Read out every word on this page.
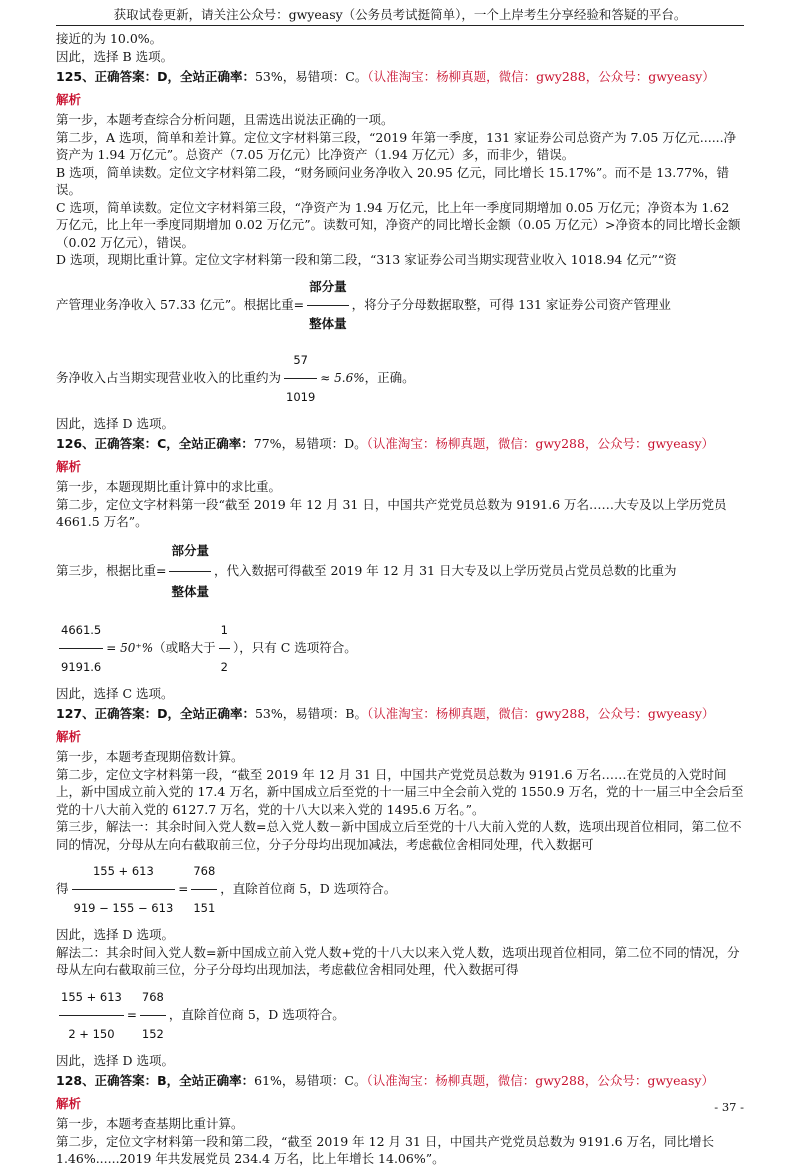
获取试卷更新，请关注公众号：gwyeasy（公务员考试挺简单），一个上岸考生分享经验和答疑的平台。

接近的为 10.0%。

因此，选择 B 选项。

125、正确答案：D，全站正确率：53%，易错项：C。（认准淘宝：杨柳真题，微信：gwy288，公众号：gwyeasy）

解析

第一步，本题考查综合分析问题，且需选出说法正确的一项。

第二步，A 选项，简单和差计算。定位文字材料第三段，“2019 年第一季度，131 家证券公司总资产为 7.05 万亿元......净资产为 1.94 万亿元”。总资产（7.05 万亿元）比净资产（1.94 万亿元）多，而非少，错误。

B 选项，简单读数。定位文字材料第二段，“财务顾问业务净收入 20.95 亿元，同比增长 15.17%”。而不是 13.77%，错误。

C 选项，简单读数。定位文字材料第三段，“净资产为 1.94 万亿元，比上年一季度同期增加 0.05 万亿元；净资本为 1.62 万亿元，比上年一季度同期增加 0.02 万亿元”。读数可知，净资产的同比增长金额（0.05 万亿元）>净资本的同比增长金额（0.02 万亿元），错误。

D 选项，现期比重计算。定位文字材料第一段和第二段，“313 家证券公司当期实现营业收入 1018.94 亿元”“资

产管理业务净收入 57.33 亿元”。根据比重= $\frac{\text{部分量}}{\text{整体量}}$ ，将分子分母数据取整，可得 131 家证券公司资产管理业

务净收入占当期实现营业收入的比重约为 $\frac{57}{1019} \approx 5.6\%$，正确。

因此，选择 D 选项。

126、正确答案：C，全站正确率：77%，易错项：D。（认准淘宝：杨柳真题，微信：gwy288，公众号：gwyeasy）

解析

第一步，本题现期比重计算中的求比重。

第二步，定位文字材料第一段“截至 2019 年 12 月 31 日，中国共产党党员总数为 9191.6 万名……大专及以上学历党员 4661.5 万名”。

第三步，根据比重= $\frac{\text{部分量}}{\text{整体量}}$ ，代入数据可得截至 2019 年 12 月 31 日大专及以上学历党员占党员总数的比重为

$\frac{4661.5}{9191.6} = 50^+\%$（或略大于 $\frac{1}{2}$ ），只有 C 选项符合。

因此，选择 C 选项。

127、正确答案：D，全站正确率：53%，易错项：B。（认准淘宝：杨柳真题，微信：gwy288，公众号：gwyeasy）

解析

第一步，本题考查现期倍数计算。

第二步，定位文字材料第一段，“截至 2019 年 12 月 31 日，中国共产党党员总数为 9191.6 万名……在党员的入党时间上，新中国成立前入党的 17.4 万名，新中国成立后至党的十一届三中全会前入党的 1550.9 万名，党的十一届三中全会后至党的十八大前入党的 6127.7 万名，党的十八大以来入党的 1495.6 万名。”。

第三步，解法一：其余时间入党人数=总入党人数－新中国成立后至党的十八大前入党的人数，选项出现首位相同，第二位不同的情况，分母从左向右截取前三位，分子分母均出现加减法，考虑截位舍相同处理，代入数据可

得 $\frac{155 + 613}{919 - 155 - 613} = \frac{768}{151}$ ，直除首位商 5，D 选项符合。

因此，选择 D 选项。

解法二：其余时间入党人数=新中国成立前入党人数+党的十八大以来入党人数，选项出现首位相同，第二位不同的情况，分母从左向右截取前三位，分子分母均出现加法，考虑截位舍相同处理，代入数据可得

$\frac{155 + 613}{2 + 150} = \frac{768}{152}$ ，直除首位商 5，D 选项符合。

因此，选择 D 选项。

128、正确答案：B，全站正确率：61%，易错项：C。（认准淘宝：杨柳真题，微信：gwy288，公众号：gwyeasy）

解析

第一步，本题考查基期比重计算。

第二步，定位文字材料第一段和第二段，“截至 2019 年 12 月 31 日，中国共产党党员总数为 9191.6 万名，同比增长 1.46%......2019 年共发展党员 234.4 万名，比上年增长 14.06%”。

- 37 -
